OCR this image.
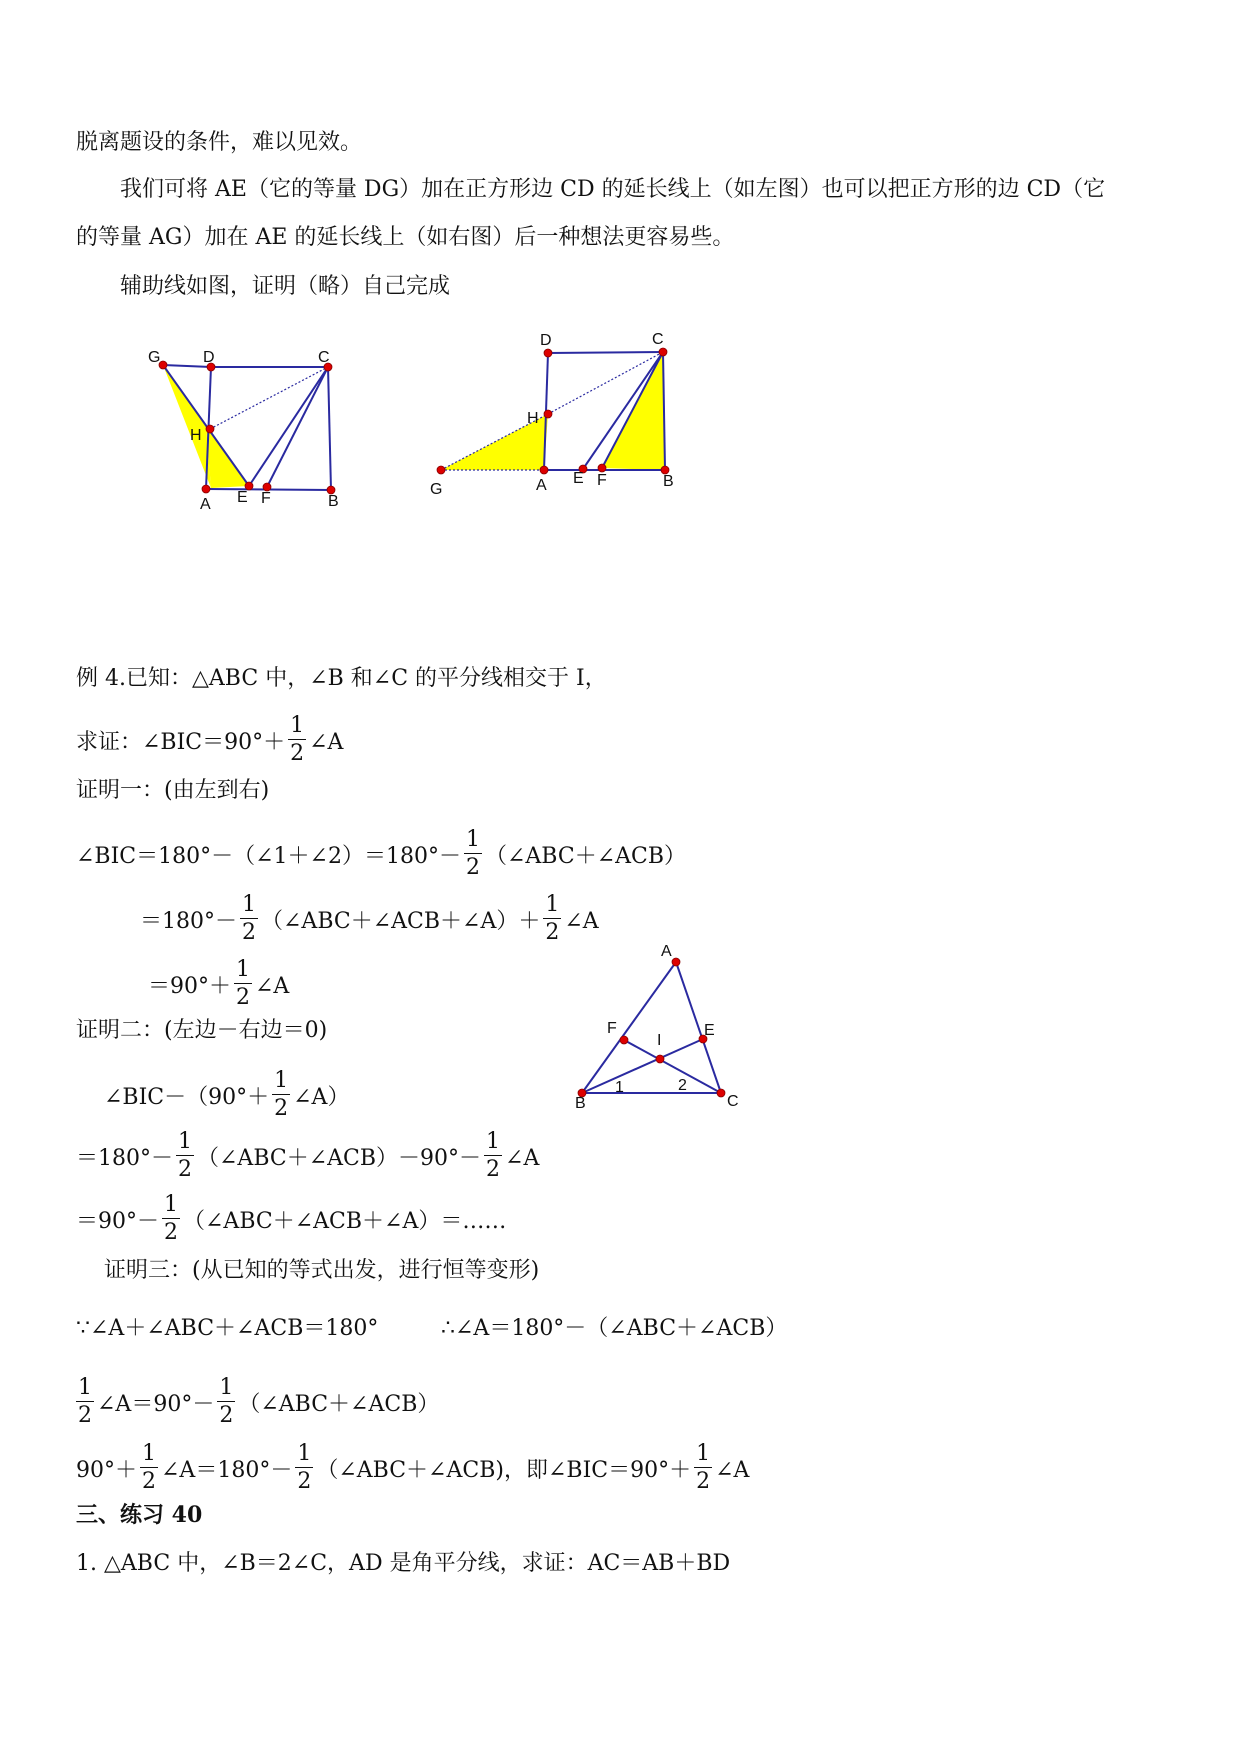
脱离题设的条件，难以见效。
我们可将 AE（它的等量 DG）加在正方形边 CD 的延长线上（如左图）也可以把正方形的边 CD（它
的等量 AG）加在 AE 的延长线上（如右图）后一种想法更容易些。
辅助线如图，证明（略）自己完成
G	D	C
H
A E F	B
D	C
H
G	A E F	B
例 4.已知：△ABC 中，∠B 和∠C 的平分线相交于 I，
求证：∠BIC＝90°＋ $\frac{1}{2}$ ∠A
证明一：(由左到右)
∠BIC＝180°－（∠1＋∠2）＝180°－ $\frac{1}{2}$ （∠ABC＋∠ACB）
$=180^\circ- \frac{1}{2}$ （∠ABC＋∠ACB＋∠A）＋ $\frac{1}{2}$ ∠A
$=90^\circ+ \frac{1}{2}$ ∠A
A
F	E
I
B	C
1	2
证明二：(左边－右边＝0)
∠BIC－（90°＋ $\frac{1}{2}$ ∠A）
$=180^\circ- \frac{1}{2}$ （∠ABC＋∠ACB）－90°－ $\frac{1}{2}$ ∠A
$=90^\circ- \frac{1}{2}$ （∠ABC＋∠ACB＋∠A）＝……
证明三：(从已知的等式出发，进行恒等变形)
∵∠A＋∠ABC＋∠ACB＝180°	∴∠A＝180°－（∠ABC＋∠ACB）
$\frac{1}{2}$ ∠A＝90°－ $\frac{1}{2}$ （∠ABC＋∠ACB）
$90^\circ+ \frac{1}{2}$ ∠A＝180°－ $\frac{1}{2}$ （∠ABC＋∠ACB)，即∠BIC＝90°＋ $\frac{1}{2}$ ∠A
三、练习 40
1. △ABC 中，∠B＝2∠C，AD 是角平分线，求证：AC＝AB＋BD
